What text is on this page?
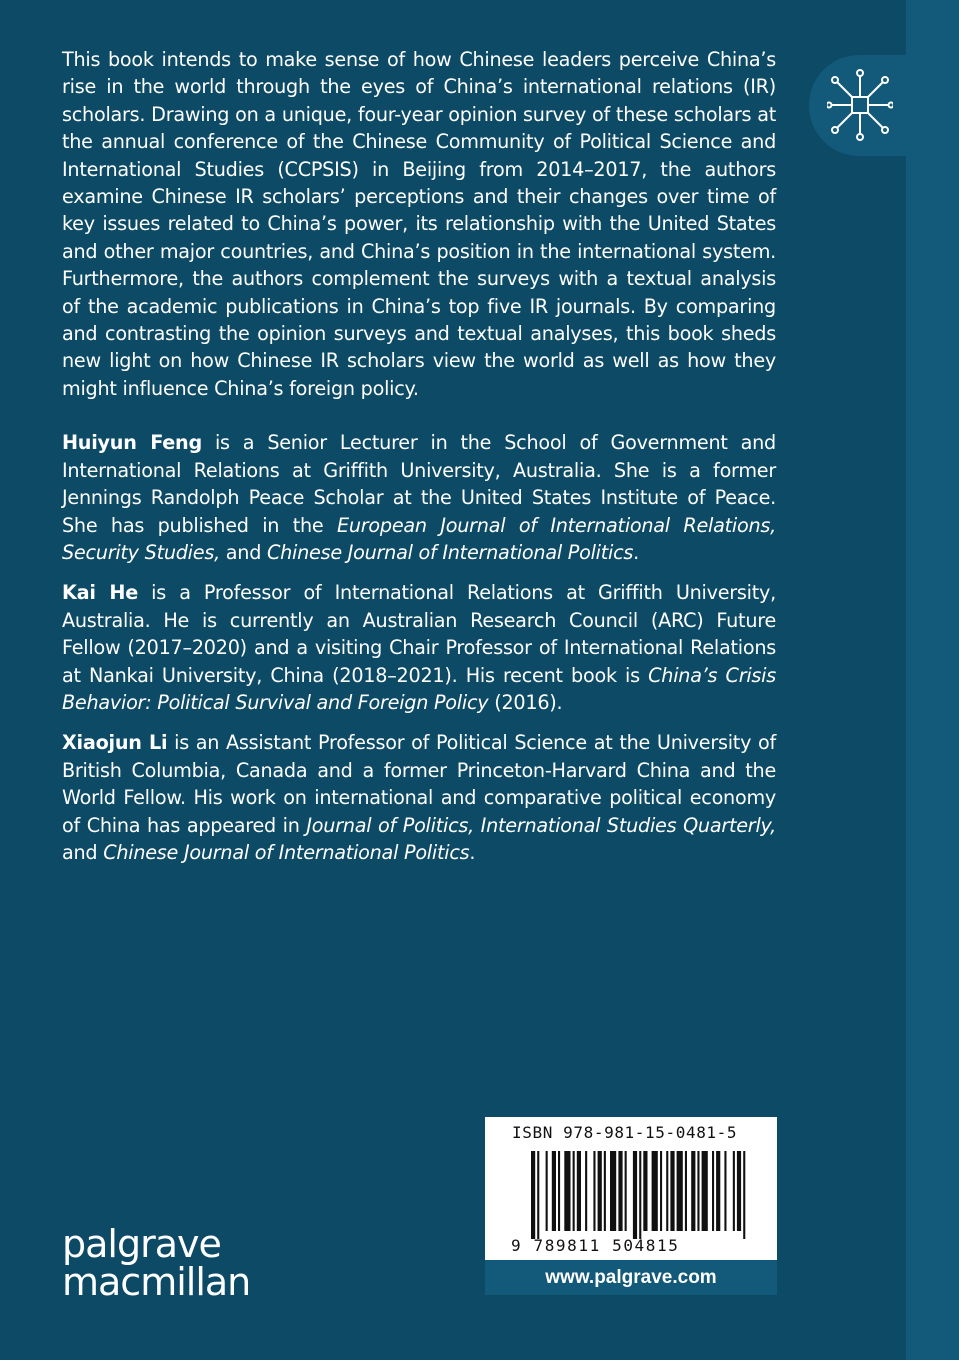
This book intends to make sense of how Chinese leaders perceive China’s rise in the world through the eyes of China’s international relations (IR) scholars. Drawing on a unique, four-year opinion survey of these scholars at the annual conference of the Chinese Community of Political Science and International Studies (CCPSIS) in Beijing from 2014–2017, the authors examine Chinese IR scholars’ perceptions and their changes over time of key issues related to China’s power, its relationship with the United States and other major countries, and China’s position in the international system. Furthermore, the authors complement the surveys with a textual analysis of the academic publications in China’s top five IR journals. By comparing and contrasting the opinion surveys and textual analyses, this book sheds new light on how Chinese IR scholars view the world as well as how they might influence China’s foreign policy.

Huiyun Feng is a Senior Lecturer in the School of Government and International Relations at Griffith University, Australia. She is a former Jennings Randolph Peace Scholar at the United States Institute of Peace. She has published in the European Journal of International Relations, Security Studies, and Chinese Journal of International Politics.

Kai He is a Professor of International Relations at Griffith University, Australia. He is currently an Australian Research Council (ARC) Future Fellow (2017–2020) and a visiting Chair Professor of International Relations at Nankai University, China (2018–2021). His recent book is China’s Crisis Behavior: Political Survival and Foreign Policy (2016).

Xiaojun Li is an Assistant Professor of Political Science at the University of British Columbia, Canada and a former Princeton-Harvard China and the World Fellow. His work on international and comparative political economy of China has appeared in Journal of Politics, International Studies Quarterly, and Chinese Journal of International Politics.

palgrave
macmillan
ISBN 978-981-15-0481-5
9 789811 504815
www.palgrave.com
